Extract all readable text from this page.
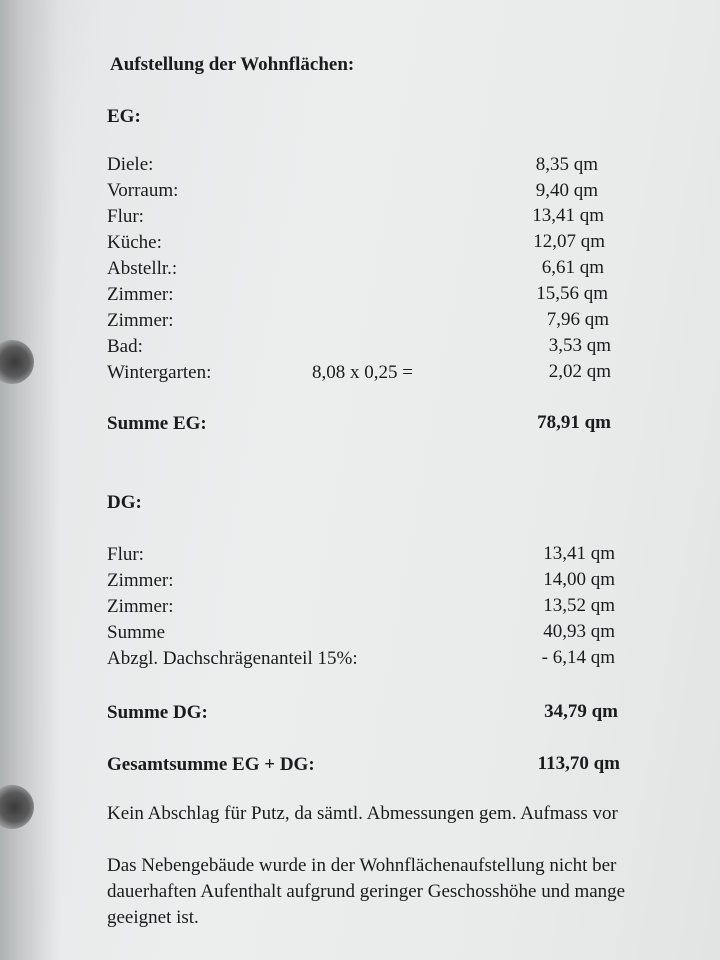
Aufstellung der Wohnflächen:
EG:
Diele:	8,35 qm
Vorraum:	9,40 qm
Flur:	13,41 qm
Küche:	12,07 qm
Abstellr.:	6,61 qm
Zimmer:	15,56 qm
Zimmer:	7,96 qm
Bad:	3,53 qm
Wintergarten:	8,08 x 0,25 =	2,02 qm
Summe EG:	78,91 qm
DG:
Flur:	13,41 qm
Zimmer:	14,00 qm
Zimmer:	13,52 qm
Summe	40,93 qm
Abzgl. Dachschrägenanteil 15%:	- 6,14 qm
Summe DG:	34,79 qm
Gesamtsumme EG + DG:	113,70 qm
Kein Abschlag für Putz, da sämtl. Abmessungen gem. Aufmass vor
Das Nebengebäude wurde in der Wohnflächenaufstellung nicht ber
dauerhaften Aufenthalt aufgrund geringer Geschosshöhe und mange
geeignet ist.
